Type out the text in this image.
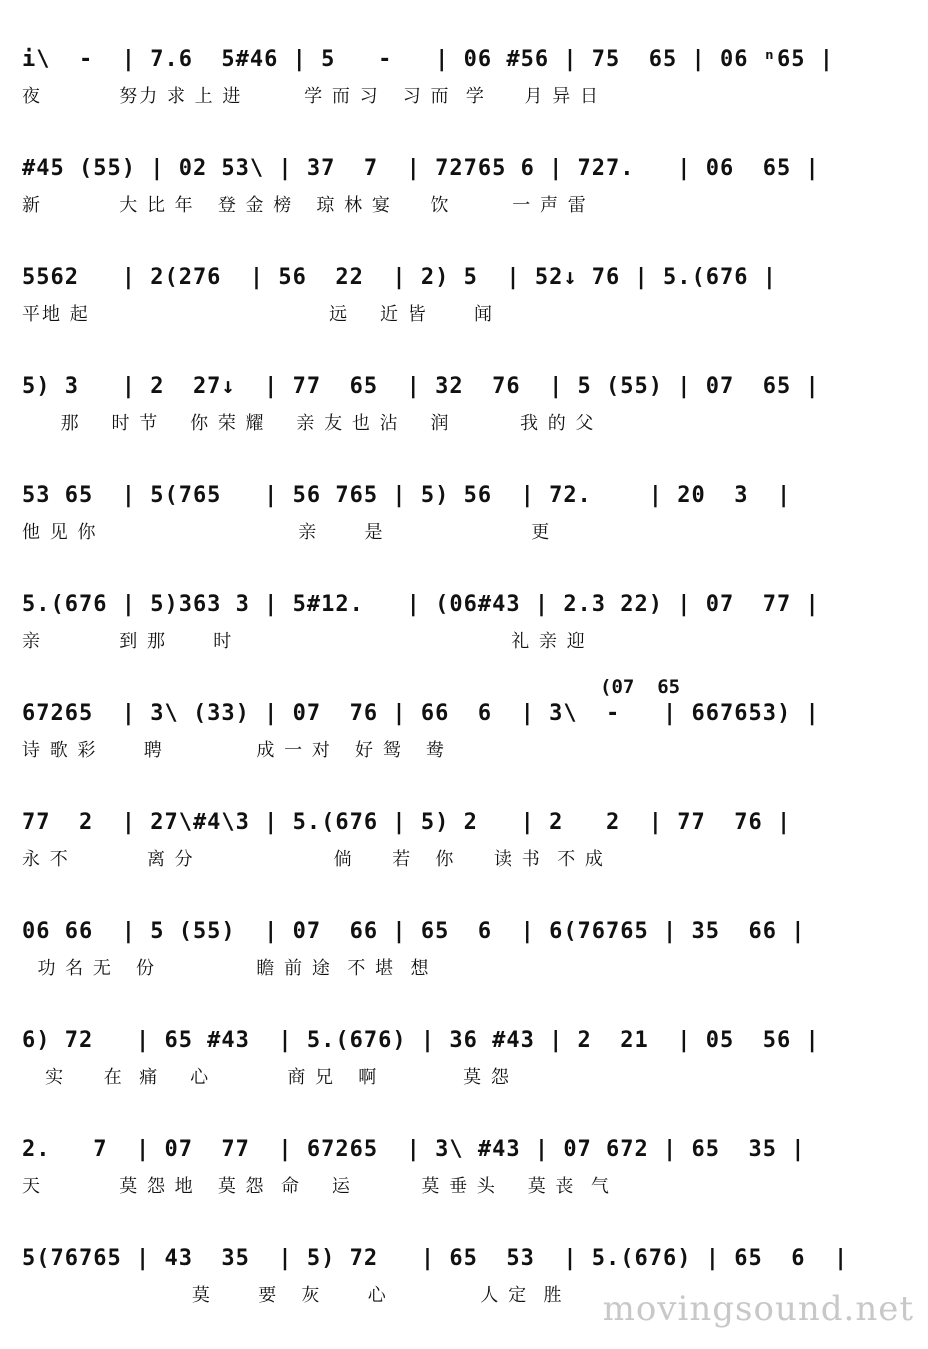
i\  -  | 7.6  5#46 | 5   -   | 06 #56 | 75  65 | 06 ⁿ65 |
夜          努力 求 上 进        学 而 习   习 而  学     月 异 日
#45 (55) | 02 53\ | 37  7  | 72765 6 | 727.   | 06  65 |
新          大 比 年   登 金 榜   琼 林 宴     饮        一 声 雷
5562   | 2(276  | 56  22  | 2) 5  | 52↓ 76 | 5.(676 |
平地 起                               远    近 皆      闻
5) 3   | 2  27↓  | 77  65  | 32  76  | 5 (55) | 07  65 |
那    时 节    你 荣 耀    亲 友 也 沾    润         我 的 父
53 65  | 5(765   | 56 765 | 5) 56  | 72.    | 20  3  |
他 见 你                          亲      是                   更
5.(676 | 5)363 3 | 5#12.   | (06#43 | 2.3 22) | 07  77 |
亲          到 那      时                                    礼 亲 迎
67265  | 3\ (33) | 07  76 | 66  6  | 3\  -   | 667653) |
诗 歌 彩      聘            成 一 对   好 鸳   鸯
77  2  | 27\#4\3 | 5.(676 | 5) 2   | 2   2  | 77  76 |
永 不          离 分                  倘     若   你     读 书  不 成
06 66  | 5 (55)  | 07  66 | 65  6  | 6(76765 | 35  66 |
功 名 无   份             瞻 前 途  不 堪  想
6) 72   | 65 #43  | 5.(676) | 36 #43 | 2  21  | 05  56 |
实     在  痛    心          商 兄   啊           莫 怨
2.   7  | 07  77  | 67265  | 3\ #43 | 07 672 | 65  35 |
天          莫 怨 地   莫 怨  命    运         莫 垂 头    莫 丧  气
5(76765 | 43  35  | 5) 72   | 65  53  | 5.(676) | 65  6  |
莫      要   灰      心            人 定  胜
(07  65
movingsound.net
